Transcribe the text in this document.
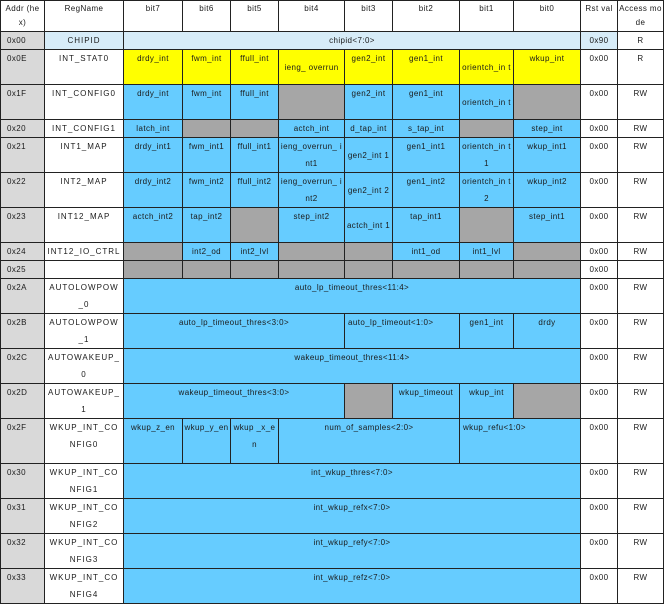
Addr (hex)	RegName	bit7	bit6	bit5	bit4	bit3	bit2	bit1	bit0	Rst val	Access mode
0x00	CHIPID	chipid<7:0>								0x90	R
0x0E	INT_STAT0	drdy_int	fwm_int	ffull_int	ieng_ overrun	gen2_int	gen1_int	orientch_in t	wkup_int	0x00	R
0x1F	INT_CONFIG0	drdy_int	fwm_int	ffull_int		gen2_int	gen1_int	orientch_in t		0x00	RW
0x20	INT_CONFIG1	latch_int			actch_int	d_tap_int	s_tap_int		step_int	0x00	RW
0x21	INT1_MAP	drdy_int1	fwm_int1	ffull_int1	ieng_overrun_ int1	gen2_int 1	gen1_int1	orientch_in t1	wkup_int1	0x00	RW
0x22	INT2_MAP	drdy_int2	fwm_int2	ffull_int2	ieng_overrun_ int2	gen2_int 2	gen1_int2	orientch_in t2	wkup_int2	0x00	RW
0x23	INT12_MAP	actch_int2	tap_int2		step_int2	actch_int 1	tap_int1		step_int1	0x00	RW
0x24	INT12_IO_CTRL		int2_od	int2_lvl			int1_od	int1_lvl		0x00	RW
0x25										0x00	
0x2A	AUTOLOWPOW _0	auto_lp_timeout_thres<11:4>								0x00	RW
0x2B	AUTOLOWPOW _1	auto_lp_timeout_thres<3:0>				auto_lp_timeout<1:0>		gen1_int	drdy	0x00	RW
0x2C	AUTOWAKEUP_ 0	wakeup_timeout_thres<11:4>								0x00	RW
0x2D	AUTOWAKEUP_ 1	wakeup_timeout_thres<3:0>					wkup_timeout	wkup_int		0x00	RW
0x2F	WKUP_INT_CO NFIG0	wkup_z_en	wkup_y_en	wkup _x_e n	num_of_samples<2:0>			wkup_refu<1:0>		0x00	RW
0x30	WKUP_INT_CO NFIG1	int_wkup_thres<7:0>								0x00	RW
0x31	WKUP_INT_CO NFIG2	int_wkup_refx<7:0>								0x00	RW
0x32	WKUP_INT_CO NFIG3	int_wkup_refy<7:0>								0x00	RW
0x33	WKUP_INT_CO NFIG4	int_wkup_refz<7:0>								0x00	RW
